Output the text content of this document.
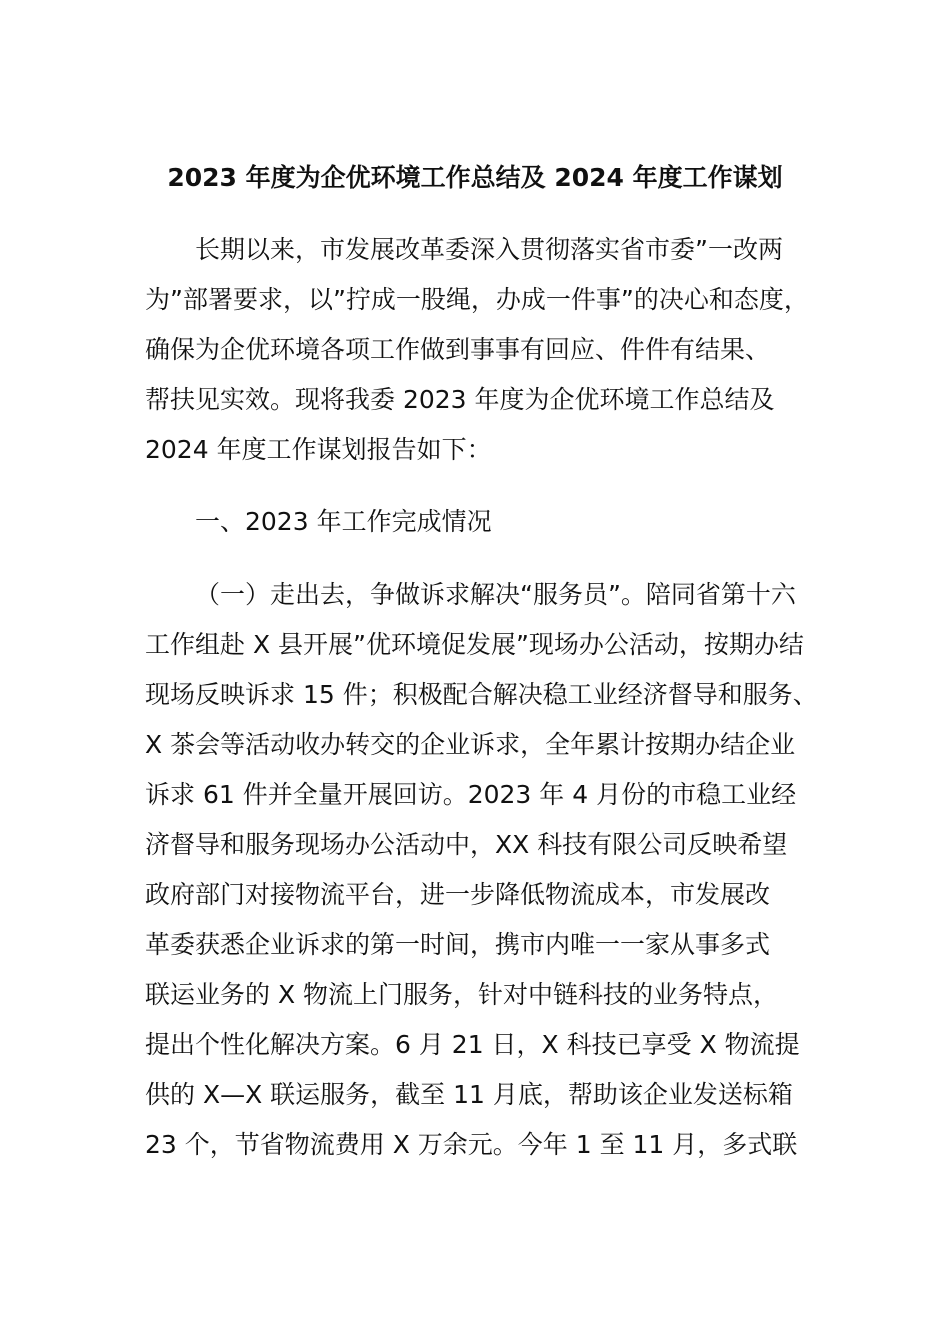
2023 年度为企优环境工作总结及 2024 年度工作谋划
长期以来，市发展改革委深入贯彻落实省市委”一改两
为”部署要求，以”拧成一股绳，办成一件事”的决心和态度，
确保为企优环境各项工作做到事事有回应、件件有结果、
帮扶见实效。现将我委 2023 年度为企优环境工作总结及
2024 年度工作谋划报告如下：
一、2023 年工作完成情况
（一）走出去，争做诉求解决“服务员”。陪同省第十六
工作组赴 X 县开展”优环境促发展”现场办公活动，按期办结
现场反映诉求 15 件；积极配合解决稳工业经济督导和服务、
X 茶会等活动收办转交的企业诉求，全年累计按期办结企业
诉求 61 件并全量开展回访。2023 年 4 月份的市稳工业经
济督导和服务现场办公活动中，XX 科技有限公司反映希望
政府部门对接物流平台，进一步降低物流成本，市发展改
革委获悉企业诉求的第一时间，携市内唯一一家从事多式
联运业务的 X 物流上门服务，针对中链科技的业务特点，
提出个性化解决方案。6 月 21 日，X 科技已享受 X 物流提
供的 X—X 联运服务，截至 11 月底，帮助该企业发送标箱
23 个，节省物流费用 X 万余元。今年 1 至 11 月，多式联
